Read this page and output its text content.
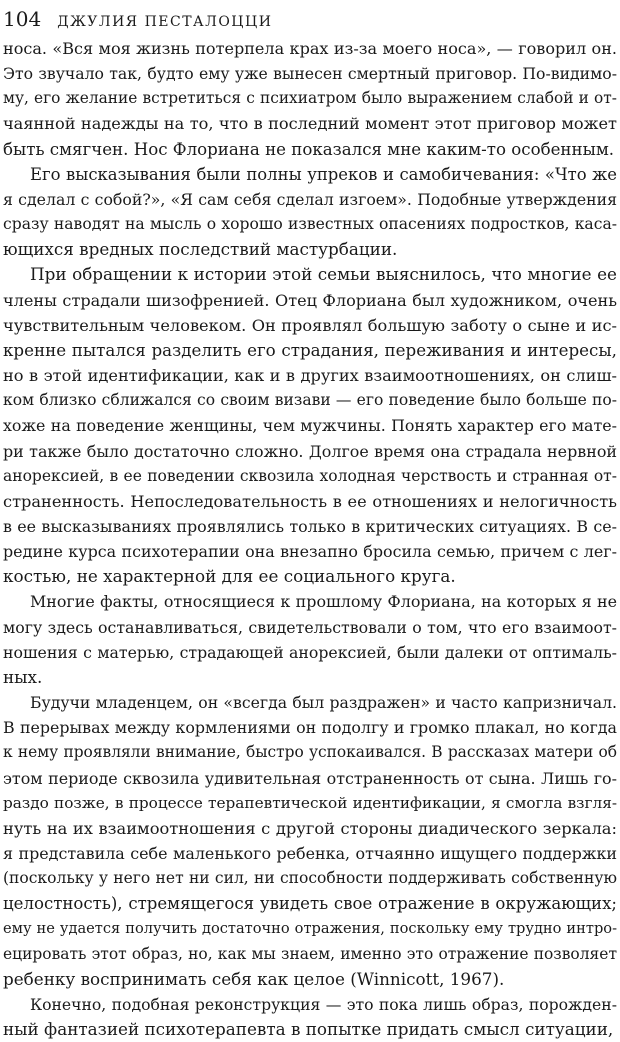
104 ДЖУЛИЯ ПЕСТАЛОЦЦИ

носа. «Вся моя жизнь потерпела крах из-за моего носа», — говорил он.
Это звучало так, будто ему уже вынесен смертный приговор. По-видимо-
му, его желание встретиться с психиатром было выражением слабой и от-
чаянной надежды на то, что в последний момент этот приговор может
быть смягчен. Нос Флориана не показался мне каким-то особенным.

Его высказывания были полны упреков и самобичевания: «Что же
я сделал с собой?», «Я сам себя сделал изгоем». Подобные утверждения
сразу наводят на мысль о хорошо известных опасениях подростков, каса-
ющихся вредных последствий мастурбации.

При обращении к истории этой семьи выяснилось, что многие ее
члены страдали шизофренией. Отец Флориана был художником, очень
чувствительным человеком. Он проявлял большую заботу о сыне и ис-
кренне пытался разделить его страдания, переживания и интересы,
но в этой идентификации, как и в других взаимоотношениях, он слиш-
ком близко сближался со своим визави — его поведение было больше по-
хоже на поведение женщины, чем мужчины. Понять характер его мате-
ри также было достаточно сложно. Долгое время она страдала нервной
анорексией, в ее поведении сквозила холодная черствость и странная от-
страненность. Непоследовательность в ее отношениях и нелогичность
в ее высказываниях проявлялись только в критических ситуациях. В се-
редине курса психотерапии она внезапно бросила семью, причем с лег-
костью, не характерной для ее социального круга.

Многие факты, относящиеся к прошлому Флориана, на которых я не
могу здесь останавливаться, свидетельствовали о том, что его взаимоот-
ношения с матерью, страдающей анорексией, были далеки от оптималь-
ных.

Будучи младенцем, он «всегда был раздражен» и часто капризничал.
В перерывах между кормлениями он подолгу и громко плакал, но когда
к нему проявляли внимание, быстро успокаивался. В рассказах матери об
этом периоде сквозила удивительная отстраненность от сына. Лишь го-
раздо позже, в процессе терапевтической идентификации, я смогла взгля-
нуть на их взаимоотношения с другой стороны диадического зеркала:
я представила себе маленького ребенка, отчаянно ищущего поддержки
(поскольку у него нет ни сил, ни способности поддерживать собственную
целостность), стремящегося увидеть свое отражение в окружающих;
ему не удается получить достаточно отражения, поскольку ему трудно интро-
ецировать этот образ, но, как мы знаем, именно это отражение позволяет
ребенку воспринимать себя как целое (Winnicott, 1967).

Конечно, подобная реконструкция — это пока лишь образ, порожден-
ный фантазией психотерапевта в попытке придать смысл ситуации,
